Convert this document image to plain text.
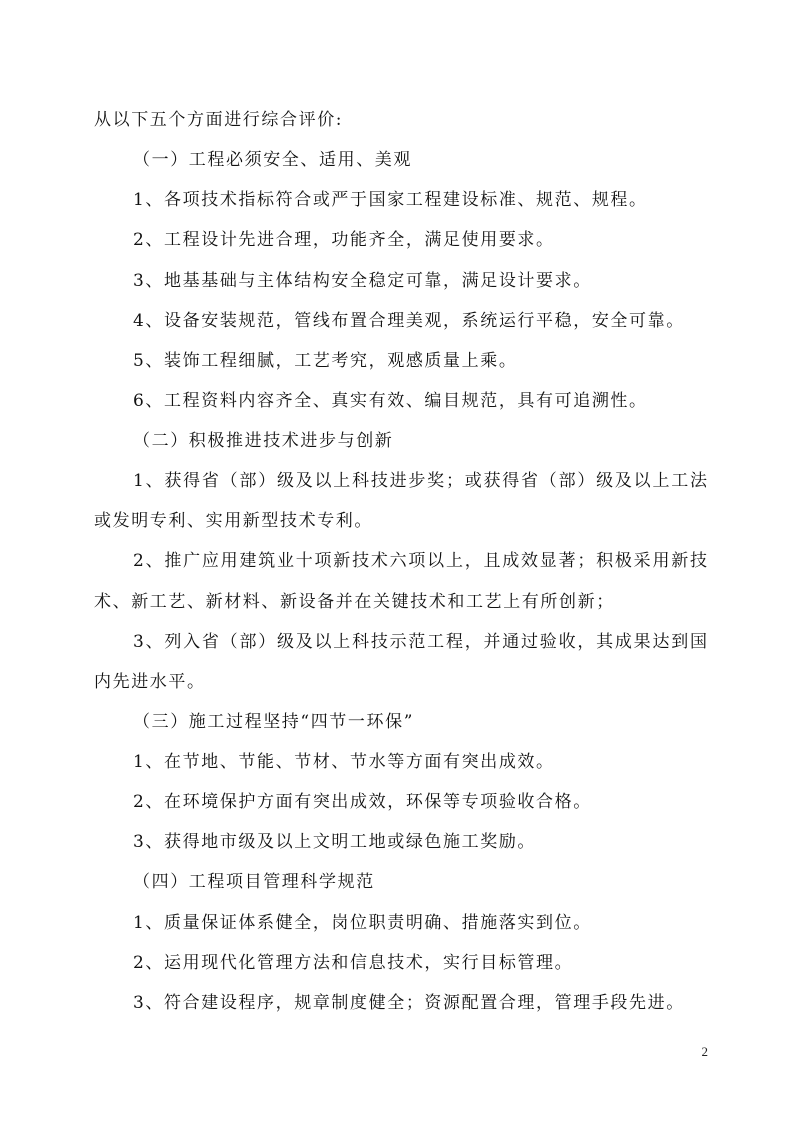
从以下五个方面进行综合评价:
（一）工程必须安全、适用、美观
1、各项技术指标符合或严于国家工程建设标准、规范、规程。
2、工程设计先进合理，功能齐全，满足使用要求。
3、地基基础与主体结构安全稳定可靠，满足设计要求。
4、设备安装规范，管线布置合理美观，系统运行平稳，安全可靠。
5、装饰工程细腻，工艺考究，观感质量上乘。
6、工程资料内容齐全、真实有效、编目规范，具有可追溯性。
（二）积极推进技术进步与创新
1、获得省（部）级及以上科技进步奖；或获得省（部）级及以上工法
或发明专利、实用新型技术专利。
2、推广应用建筑业十项新技术六项以上，且成效显著；积极采用新技
术、新工艺、新材料、新设备并在关键技术和工艺上有所创新；
3、列入省（部）级及以上科技示范工程，并通过验收，其成果达到国
内先进水平。
（三）施工过程坚持“四节一环保”
1、在节地、节能、节材、节水等方面有突出成效。
2、在环境保护方面有突出成效，环保等专项验收合格。
3、获得地市级及以上文明工地或绿色施工奖励。
（四）工程项目管理科学规范
1、质量保证体系健全，岗位职责明确、措施落实到位。
2、运用现代化管理方法和信息技术，实行目标管理。
3、符合建设程序，规章制度健全；资源配置合理，管理手段先进。
2
